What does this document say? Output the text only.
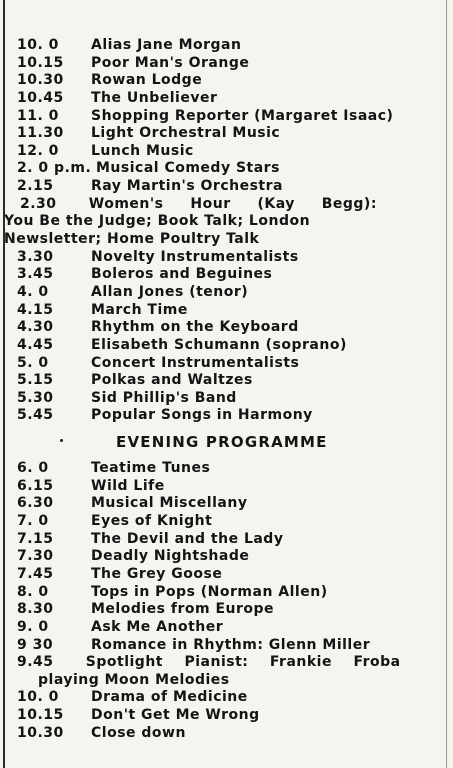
10. 0 Alias Jane Morgan
10.15 Poor Man's Orange
10.30 Rowan Lodge
10.45 The Unbeliever
11. 0 Shopping Reporter (Margaret Isaac)
11.30 Light Orchestral Music
12. 0 Lunch Music
2. 0 p.m. Musical Comedy Stars
2.15	Ray Martin's Orchestra
2.30      Women's     Hour     (Kay     Begg):
You Be the Judge; Book Talk; London
Newsletter; Home Poultry Talk
3.30	Novelty Instrumentalists
3.45	Boleros and Beguines
4. 0	Allan Jones (tenor)
4.15	March Time
4.30	Rhythm on the Keyboard
4.45	Elisabeth Schumann (soprano)
5. 0	Concert Instrumentalists
5.15	Polkas and Waltzes
5.30	Sid Phillip's Band
5.45	Popular Songs in Harmony
EVENING PROGRAMME
6. 0	Teatime Tunes
6.15	Wild Life
6.30	Musical Miscellany
7. 0	Eyes of Knight
7.15	The Devil and the Lady
7.30	Deadly Nightshade
7.45	The Grey Goose
8. 0	Tops in Pops (Norman Allen)
8.30	Melodies from Europe
9. 0	Ask Me Another
9 30	Romance in Rhythm: Glenn Miller
9.45      Spotlight    Pianist:    Frankie    Froba
playing Moon Melodies
10. 0 Drama of Medicine
10.15 Don't Get Me Wrong
10.30 Close down
